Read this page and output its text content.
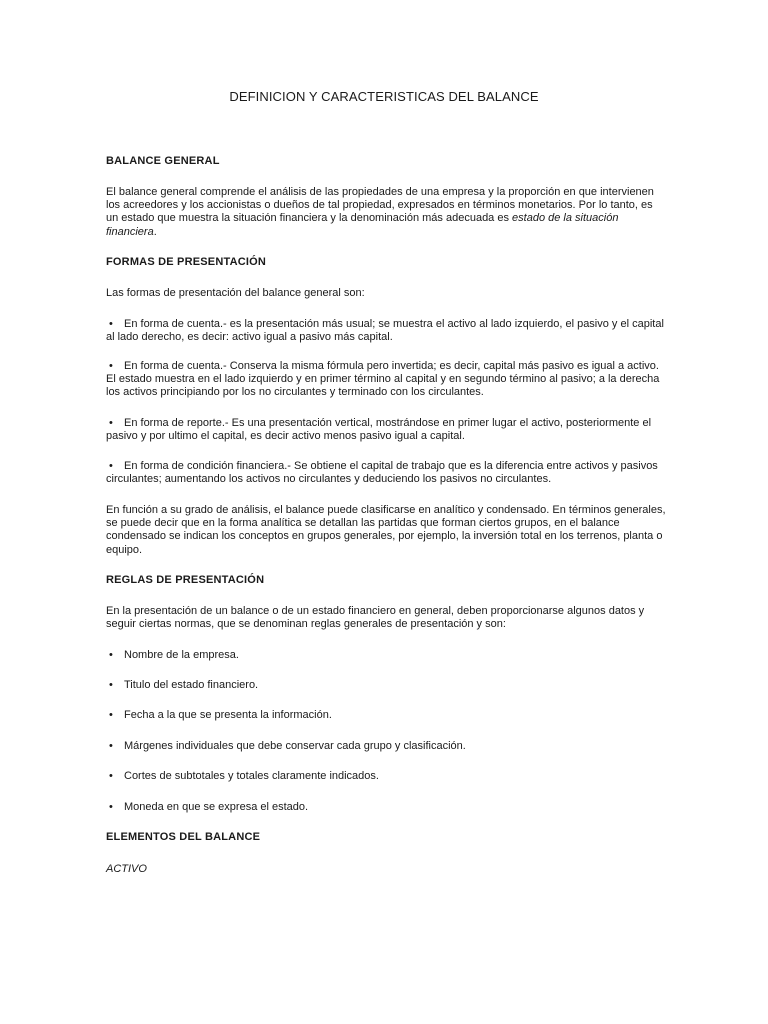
DEFINICION Y CARACTERISTICAS DEL BALANCE

BALANCE GENERAL

El balance general comprende el análisis de las propiedades de una empresa y la proporción en que intervienen los acreedores y los accionistas o dueños de tal propiedad, expresados en términos monetarios. Por lo tanto, es un estado que muestra la situación financiera y la denominación más adecuada es estado de la situación financiera.

FORMAS DE PRESENTACIÓN

Las formas de presentación del balance general son:

• En forma de cuenta.- es la presentación más usual; se muestra el activo al lado izquierdo, el pasivo y el capital al lado derecho, es decir: activo igual a pasivo más capital.

• En forma de cuenta.- Conserva la misma fórmula pero invertida; es decir, capital más pasivo es igual a activo. El estado muestra en el lado izquierdo y en primer término al capital y en segundo término al pasivo; a la derecha los activos principiando por los no circulantes y terminado con los circulantes.

• En forma de reporte.- Es una presentación vertical, mostrándose en primer lugar el activo, posteriormente el pasivo y por ultimo el capital, es decir activo menos pasivo igual a capital.

• En forma de condición financiera.- Se obtiene el capital de trabajo que es la diferencia entre activos y pasivos circulantes; aumentando los activos no circulantes y deduciendo los pasivos no circulantes.

En función a su grado de análisis, el balance puede clasificarse en analítico y condensado. En términos generales, se puede decir que en la forma analítica se detallan las partidas que forman ciertos grupos, en el balance condensado se indican los conceptos en grupos generales, por ejemplo, la inversión total en los terrenos, planta o equipo.

REGLAS DE PRESENTACIÓN

En la presentación de un balance o de un estado financiero en general, deben proporcionarse algunos datos y seguir ciertas normas, que se denominan reglas generales de presentación y son:

• Nombre de la empresa.

• Titulo del estado financiero.

• Fecha a la que se presenta la información.

• Márgenes individuales que debe conservar cada grupo y clasificación.

• Cortes de subtotales y totales claramente indicados.

• Moneda en que se expresa el estado.

ELEMENTOS DEL BALANCE

ACTIVO
